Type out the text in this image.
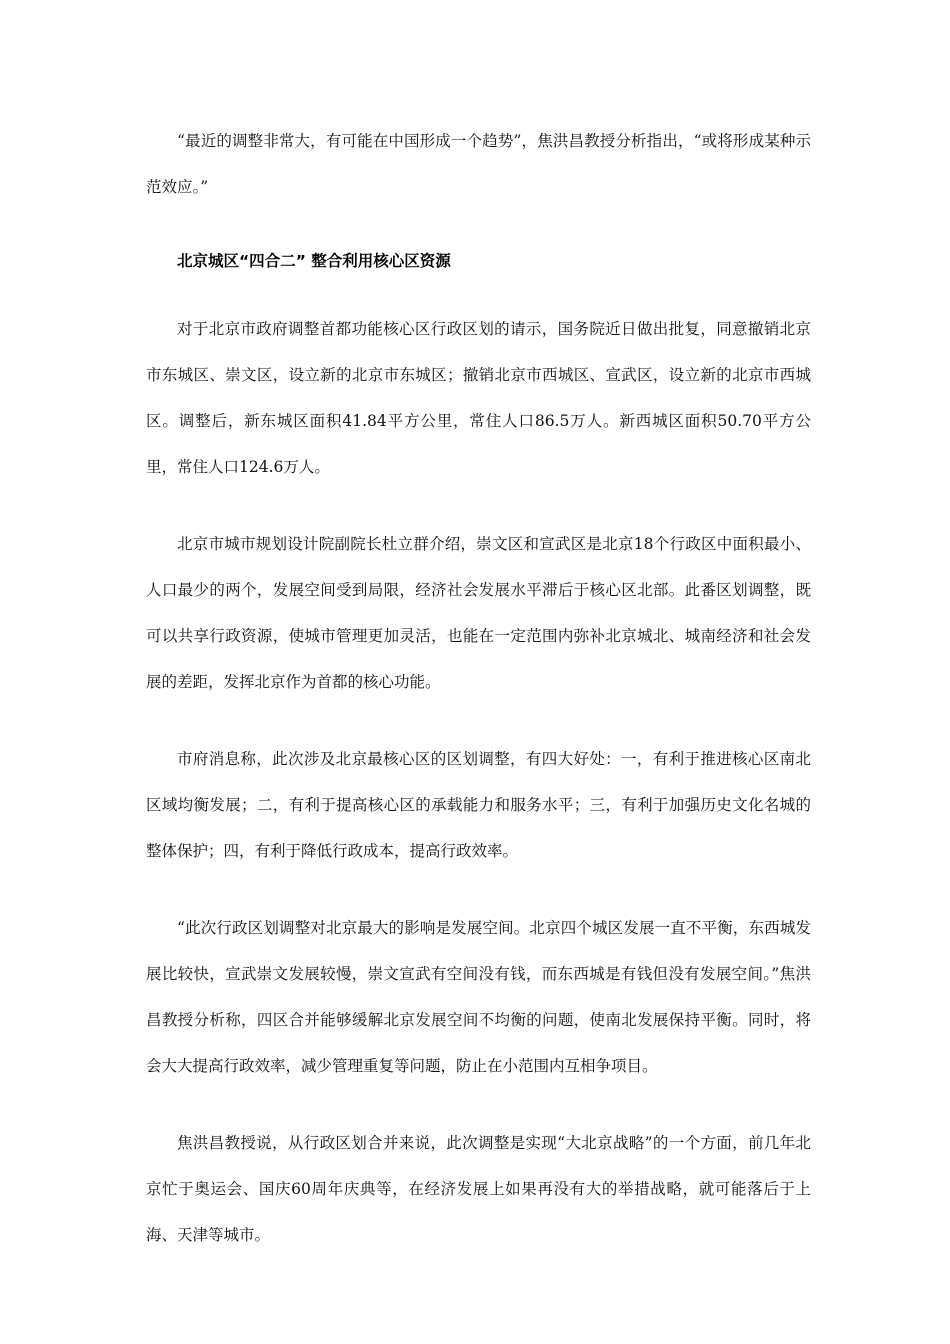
“最近的调整非常大，有可能在中国形成一个趋势”，焦洪昌教授分析指出，“或将形成某种示范效应。”

北京城区“四合二” 整合利用核心区资源

对于北京市政府调整首都功能核心区行政区划的请示，国务院近日做出批复，同意撤销北京市东城区、崇文区，设立新的北京市东城区；撤销北京市西城区、宣武区，设立新的北京市西城区。调整后，新东城区面积41.84平方公里，常住人口86.5万人。新西城区面积50.70平方公里，常住人口124.6万人。

北京市城市规划设计院副院长杜立群介绍，崇文区和宣武区是北京18个行政区中面积最小、人口最少的两个，发展空间受到局限，经济社会发展水平滞后于核心区北部。此番区划调整，既可以共享行政资源，使城市管理更加灵活，也能在一定范围内弥补北京城北、城南经济和社会发展的差距，发挥北京作为首都的核心功能。

市府消息称，此次涉及北京最核心区的区划调整，有四大好处：一，有利于推进核心区南北区域均衡发展；二，有利于提高核心区的承载能力和服务水平；三，有利于加强历史文化名城的整体保护；四，有利于降低行政成本，提高行政效率。

“此次行政区划调整对北京最大的影响是发展空间。北京四个城区发展一直不平衡，东西城发展比较快，宣武崇文发展较慢，崇文宣武有空间没有钱，而东西城是有钱但没有发展空间。”焦洪昌教授分析称，四区合并能够缓解北京发展空间不均衡的问题，使南北发展保持平衡。同时，将会大大提高行政效率，减少管理重复等问题，防止在小范围内互相争项目。

焦洪昌教授说，从行政区划合并来说，此次调整是实现“大北京战略”的一个方面，前几年北京忙于奥运会、国庆60周年庆典等，在经济发展上如果再没有大的举措战略，就可能落后于上海、天津等城市。
